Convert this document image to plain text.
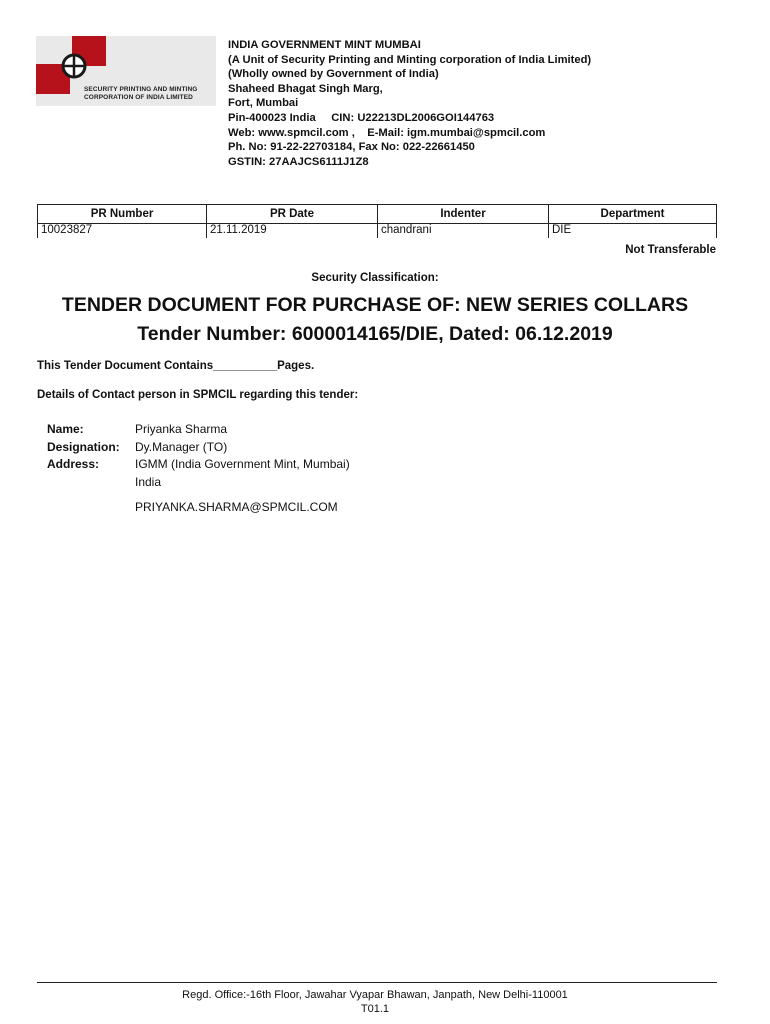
SECURITY PRINTING AND MINTING
CORPORATION OF INDIA LIMITED
INDIA GOVERNMENT MINT MUMBAI
(A Unit of Security Printing and Minting corporation of India Limited)
(Wholly owned by Government of India)
Shaheed Bhagat Singh Marg,
Fort, Mumbai
Pin-400023 India     CIN: U22213DL2006GOI144763
Web: www.spmcil.com ,    E-Mail: igm.mumbai@spmcil.com
Ph. No: 91-22-22703184, Fax No: 022-22661450
GSTIN: 27AAJCS6111J1Z8
PR Number	PR Date	Indenter	Department
10023827	21.11.2019	chandrani	DIE
Not Transferable
Security Classification:
TENDER DOCUMENT FOR PURCHASE OF: NEW SERIES COLLARS
Tender Number: 6000014165/DIE, Dated: 06.12.2019
This Tender Document Contains__________Pages.
Details of Contact person in SPMCIL regarding this tender:
Name:	Priyanka Sharma
Designation:	Dy.Manager (TO)
Address:	IGMM (India Government Mint, Mumbai)
India
PRIYANKA.SHARMA@SPMCIL.COM
Regd. Office:-16th Floor, Jawahar Vyapar Bhawan, Janpath, New Delhi-110001
T01.1
